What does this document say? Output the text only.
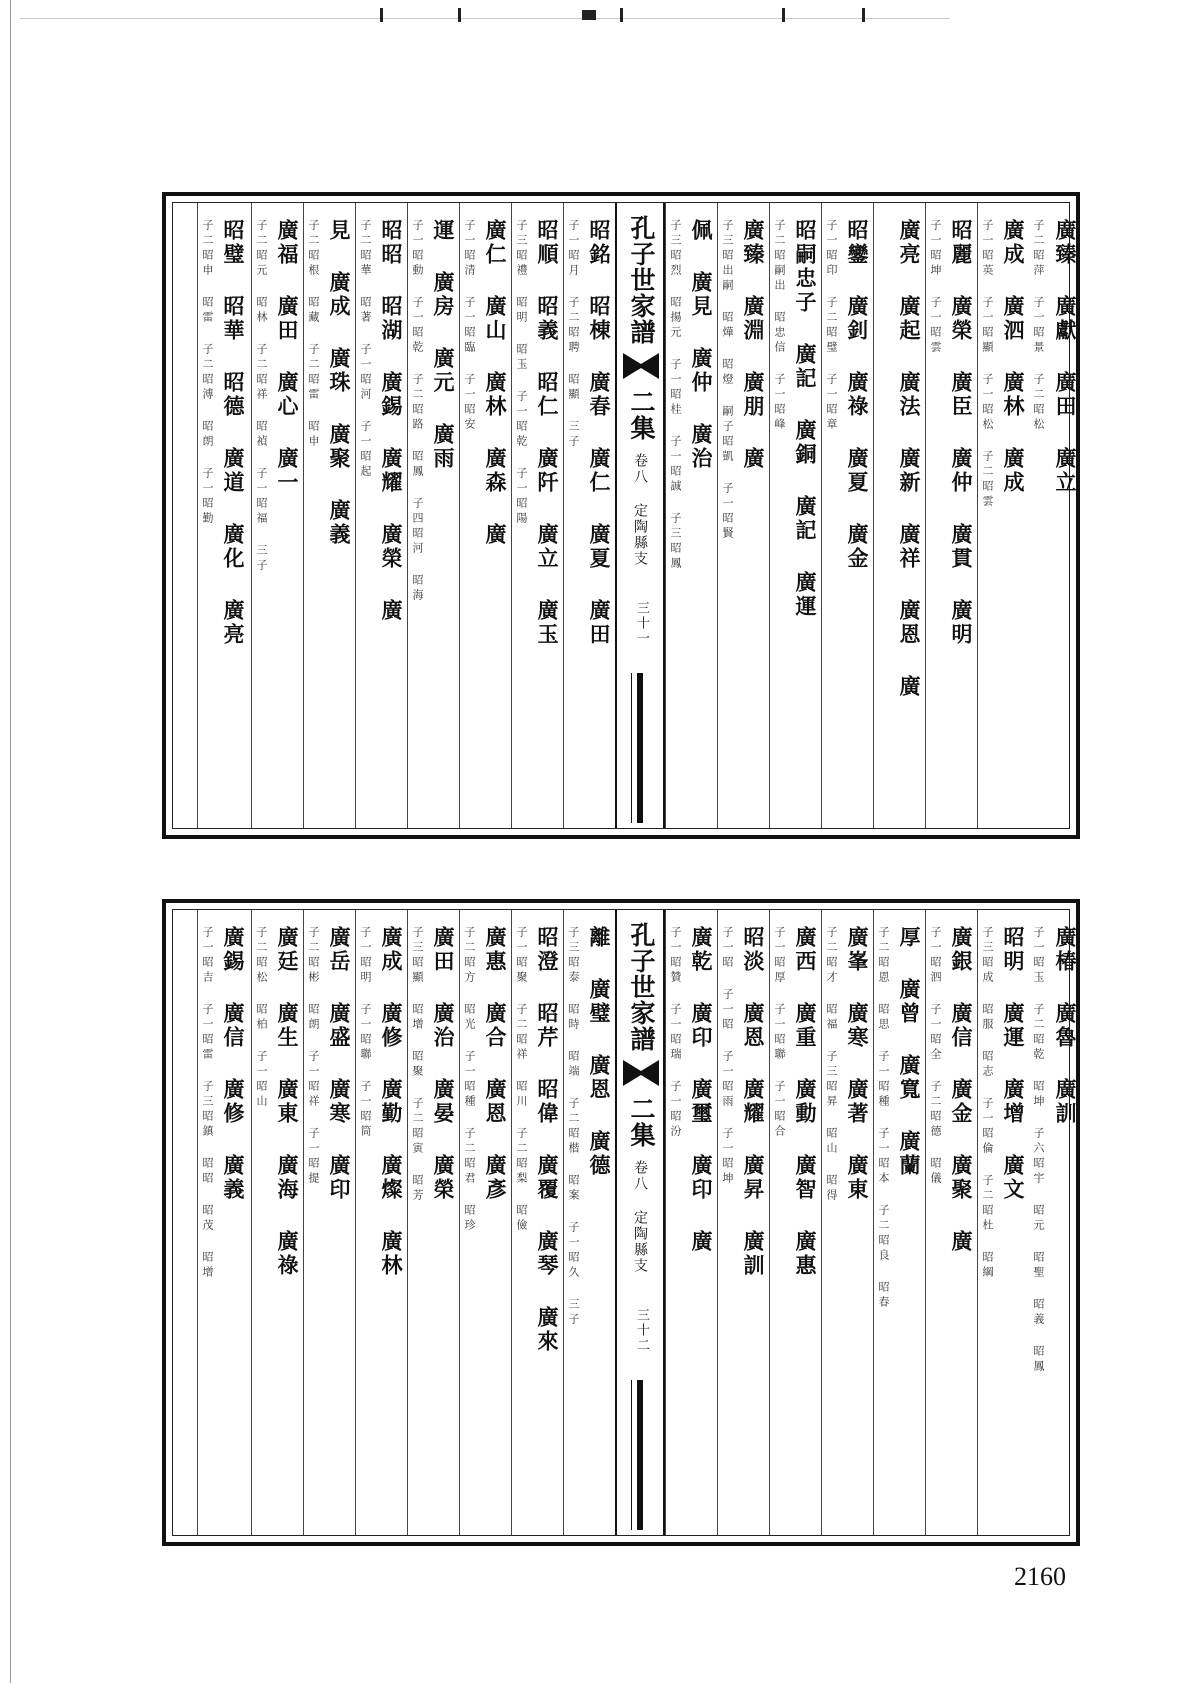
廣臻 廣獻 廣田 廣立
子二昭萍 子一昭景 子二昭松
廣成 廣泗 廣林 廣成
子一昭英 子一昭顯 子一昭松 子二昭雲
昭麗 廣榮 廣臣 廣仲 廣貫 廣明
子一昭坤 子一昭雲
廣亮 廣起 廣法 廣新 廣祥 廣恩 廣
昭鑾 廣釗 廣祿 廣夏 廣金
子一昭印 子二昭璧 子一昭章
昭嗣忠子 廣記 廣銅 廣記 廣運
子二昭嗣出 昭忠信 子一昭峰
廣臻 廣淵 廣朋 廣
子三昭出嗣 昭燁 昭燈 嗣子昭凱 子一昭賢
佩 廣見 廣仲 廣治
子三昭烈 昭揚元 子一昭桂 子一昭誠 子三昭鳳
孔子世家譜
二集
卷八 定陶縣支
三十一
昭銘 昭棟 廣春 廣仁 廣夏 廣田
子一昭月 子二昭聘 昭顯 三子
昭順 昭義 昭仁 廣阡 廣立 廣玉
子三昭禮 昭明 昭玉 子一昭乾 子一昭陽
廣仁 廣山 廣林 廣森 廣
子一昭清 子一昭臨 子一昭安
運 廣房 廣元 廣雨
子一昭動 子一昭乾 子二昭路 昭鳳 子四昭河 昭海
昭昭 昭湖 廣錫 廣耀 廣榮 廣
子二昭華 昭著 子一昭河 子一昭起
見 廣成 廣珠 廣聚 廣義
子二昭根 昭藏 子二昭雷 昭申
廣福 廣田 廣心 廣一
子二昭元 昭林 子二昭祥 昭禎 子一昭福 三子
昭璧 昭華 昭德 廣道 廣化 廣亮
子二昭申 昭雷 子二昭溥 昭朗 子一昭勤
廣椿 廣魯 廣訓
子一昭玉 子二昭乾 昭坤 子六昭宇 昭元 昭聖 昭義 昭鳳
昭明 廣運 廣增 廣文
子三昭成 昭服 昭志 子一昭倫 子二昭杜 昭綱
廣銀 廣信 廣金 廣聚 廣
子一昭泗 子一昭全 子二昭德 昭儀
厚 廣曾 廣寬 廣蘭
子二昭恩 昭思 子一昭種 子一昭本 子二昭良 昭春
廣峯 廣寒 廣著 廣東
子二昭才 昭福 子三昭昇 昭山 昭得
廣西 廣重 廣動 廣智 廣惠
子一昭厚 子一昭聯 子一昭合
昭淡 廣恩 廣耀 廣昇 廣訓
子一昭 子一昭 子一昭雨 子一昭坤
廣乾 廣印 廣璽 廣印 廣
子一昭贊 子一昭瑞 子一昭汾
孔子世家譜
二集
卷八 定陶縣支
三十二
離 廣璧 廣恩 廣德
子三昭泰 昭時 昭端 子二昭楷 昭案 子一昭久 三子
昭澄 昭芹 昭偉 廣覆 廣琴 廣來
子一昭聚 子二昭祥 昭川 子二昭梨 昭儉
廣惠 廣合 廣恩 廣彥
子二昭方 昭光 子一昭種 子二昭君 昭珍
廣田 廣治 廣晏 廣榮
子三昭顯 昭增 昭聚 子二昭寅 昭芳
廣成 廣修 廣勤 廣燦 廣林
子一昭明 子一昭聯 子一昭筒
廣岳 廣盛 廣寒 廣印
子二昭彬 昭朗 子一昭祥 子一昭提
廣廷 廣生 廣東 廣海 廣祿
子二昭松 昭柏 子一昭山
廣錫 廣信 廣修 廣義
子一昭吉 子一昭雷 子三昭鎮 昭昭 昭茂 昭增
2160
